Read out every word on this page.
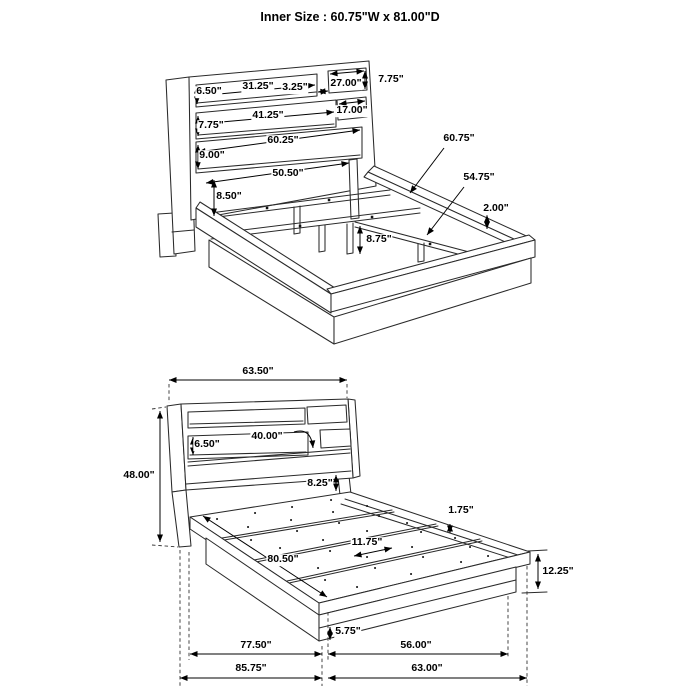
Inner Size : 60.75"W x 81.00"D
6.50" 31.25" 3.25" 27.00" 7.75"
41.25"	17.00"
7.75"
60.25"
9.00"
50.50"
8.50"
8.75"
60.75"
54.75"
2.00"
63.50"
48.00"
40.00"
6.50"
8.25"
1.75"
11.75"
80.50"
12.25"
5.75"
77.50"	56.00"
85.75"	63.00"
